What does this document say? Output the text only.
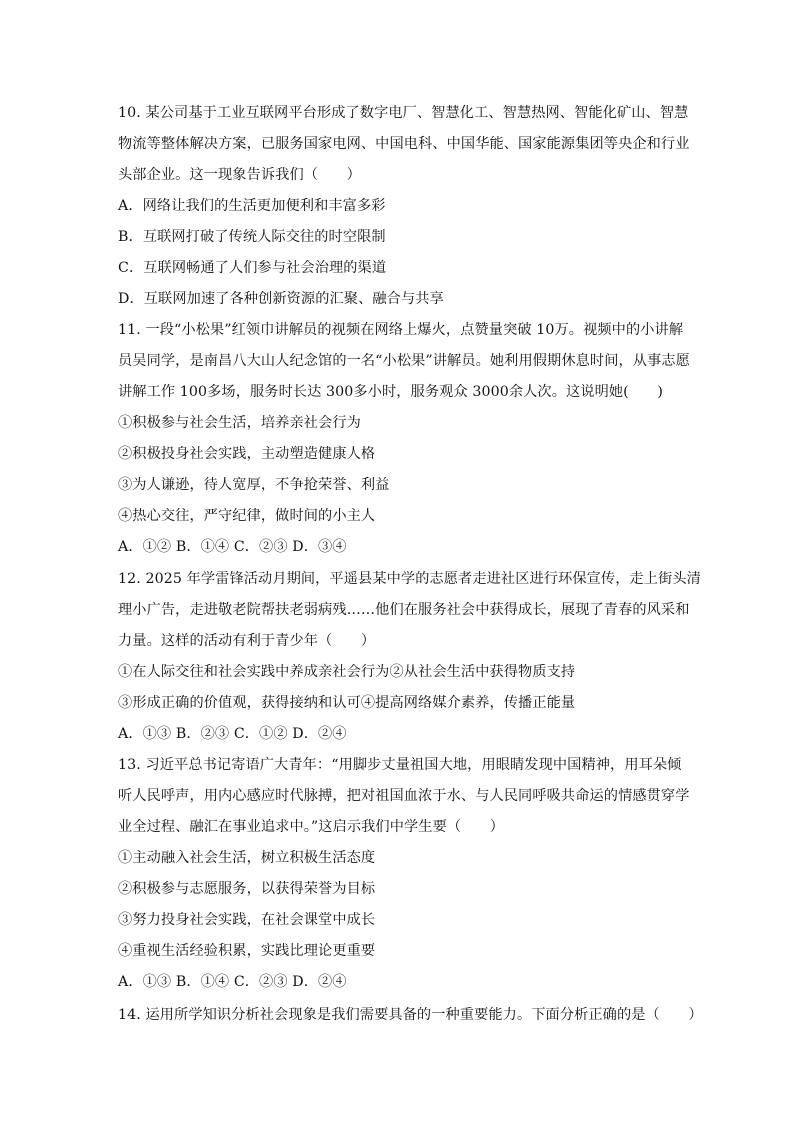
10. 某公司基于工业互联网平台形成了数字电厂、智慧化工、智慧热网、智能化矿山、智慧
物流等整体解决方案，已服务国家电网、中国电科、中国华能、国家能源集团等央企和行业
头部企业。这一现象告诉我们（　　）
A．网络让我们的生活更加便利和丰富多彩
B．互联网打破了传统人际交往的时空限制
C．互联网畅通了人们参与社会治理的渠道
D．互联网加速了各种创新资源的汇聚、融合与共享
11. 一段“小松果”红领巾讲解员的视频在网络上爆火，点赞量突破 10万。视频中的小讲解
员吴同学，是南昌八大山人纪念馆的一名“小松果”讲解员。她利用假期休息时间，从事志愿
讲解工作 100多场，服务时长达 300多小时，服务观众 3000余人次。这说明她(　　)
①积极参与社会生活，培养亲社会行为
②积极投身社会实践，主动塑造健康人格
③为人谦逊，待人宽厚，不争抢荣誉、利益
④热心交往，严守纪律，做时间的小主人
A．①② B．①④ C．②③ D．③④
12. 2025 年学雷锋活动月期间，平遥县某中学的志愿者走进社区进行环保宣传，走上街头清
理小广告，走进敬老院帮扶老弱病残……他们在服务社会中获得成长，展现了青春的风采和
力量。这样的活动有利于青少年（　　）
①在人际交往和社会实践中养成亲社会行为②从社会生活中获得物质支持
③形成正确的价值观，获得接纳和认可④提高网络媒介素养，传播正能量
A．①③ B．②③ C．①② D．②④
13. 习近平总书记寄语广大青年：“用脚步丈量祖国大地，用眼睛发现中国精神，用耳朵倾
听人民呼声，用内心感应时代脉搏，把对祖国血浓于水、与人民同呼吸共命运的情感贯穿学
业全过程、融汇在事业追求中。”这启示我们中学生要（　　）
①主动融入社会生活，树立积极生活态度
②积极参与志愿服务，以获得荣誉为目标
③努力投身社会实践，在社会课堂中成长
④重视生活经验积累，实践比理论更重要
A．①③ B．①④ C．②③ D．②④
14. 运用所学知识分析社会现象是我们需要具备的一种重要能力。下面分析正确的是（　　）
